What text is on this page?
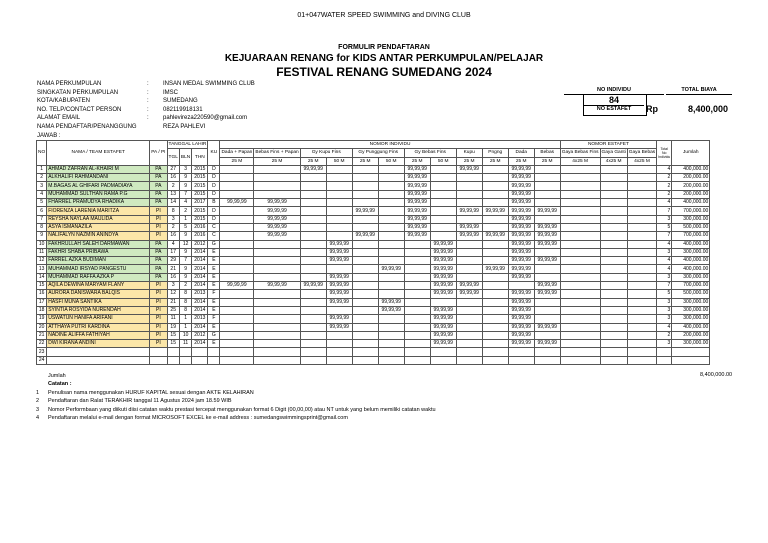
01+047WATER SPEED SWIMMING and DIVING CLUB
FORMULIR PENDAFTARAN
KEJUARAAN RENANG for KIDS ANTAR PERKUMPULAN/PELAJAR
FESTIVAL RENANG SUMEDANG 2024
NAMA PERKUMPULAN	:	INSAN MEDAL SWIMMING CLUB
SINGKATAN PERKUMPULAN	:	IMSC
KOTA/KABUPATEN	:	SUMEDANG
NO. TELP/CONTACT PERSON	:	082119918131
ALAMAT EMAIL	:	pahlevireza220590@gmail.com
NAMA PENDAFTAR/PENANGGUNG JAWAB :
REZA PAHLEVI
NO INDIVIDU	TOTAL BIAYA
84
NO ESTAFET	Rp	8,400,000
NO	NAMA / TEAM ESTAFET	PA / PI	TANGGAL LAHIR			KU	NOMOR INDIVIDU												NOMOR ESTAFET			Total No Individu	Jumlah
							Dada + Papan	Bebas Fins + Papan	Gy Kupu Fins		Gy Punggung Fins		Gy Bebas Fins		Kupu	Pngng	Dada	Bebas	Gaya Bebas Fins	Gaya Ganti	Gaya Bebas		
			TGL	BLN	THN																		
							25 M	25 M	25 M	50 M	25 M	50 M	25 M	50 M	25 M	25 M	25 M	25 M	4x25 M	4x25 M	4x25 M		
1	AHMAD ZAFRAN AL-KHAIRI M	PA	27	3	2015	D			99,99,99				99,99,99		99,99,99		99,99,99					4	400,000.00
2	ALKHALIFI RAHMANDANI	PA	16	9	2015	D							99,99,99				99,99,99					2	200,000.00
3	M.BAGAS AL GHIFARI PADMADIAYA	PA	2	9	2015	D							99,99,99				99,99,99					2	200,000.00
4	MUHAMMAD SULTHAN RAMA P.G	PA	13	7	2015	D							99,99,99				99,99,99					2	200,000.00
5	FHARREL PRAMUDYA RHADIKA	PA	14	4	2017	B	99,99,99	99,99,99					99,99,99				99,99,99					4	400,000.00
6	FIORENZA LARENIA MARITZA	PI	8	2	2015	D		99,99,99			99,99,99		99,99,99		99,99,99	99,99,99	99,99,99	99,99,99				7	700,000.00
7	REYSHA NAYLAA MAULIDA	PI	3	1	2015	D		99,99,99					99,99,99				99,99,99					3	300,000.00
8	ASYA ISMANAZILA	PI	2	5	2016	C		99,99,99					99,99,99		99,99,99		99,99,99	99,99,99				5	500,000.00
9	NALIFALYN NAZMIN ANINDYA	PI	16	9	2016	C		99,99,99			99,99,99		99,99,99		99,99,99	99,99,99	99,99,99	99,99,99				7	700,000.00
10	FAKHRULLAH SALEH DARMAWAN	PA	4	12	2012	G				99,99,99				99,99,99			99,99,99	99,99,99				4	400,000.00
11	FAKHRI SHABA PRIBAWA	PA	17	9	2014	E				99,99,99				99,99,99			99,99,99					3	300,000.00
12	FARREL AZKA BUDIMAN	PA	29	7	2014	E				99,99,99				99,99,99			99,99,99	99,99,99				4	400,000.00
13	MUHAMMAD IRSYAD PANGESTU	PA	21	9	2014	E						99,99,99		99,99,99		99,99,99	99,99,99					4	400,000.00
14	MUHAMMAD RAFFA AZKA P	PA	16	9	2014	E				99,99,99				99,99,99			99,99,99					3	300,000.00
15	AQILA DEWINA MARYAM FLANY	PI	3	2	2014	E	99,99,99	99,99,99	99,99,99	99,99,99				99,99,99	99,99,99			99,99,99				7	700,000.00
16	AURORA DANISWARA BALQIS	PI	12	8	2013	F				99,99,99				99,99,99	99,99,99		99,99,99	99,99,99				5	500,000.00
17	HASFI MUNA SANTIKA	PI	21	8	2014	E				99,99,99		99,99,99					99,99,99					3	300,000.00
18	SYINTIA ROSYIDA NURENDAH	PI	25	8	2014	E						99,99,99		99,99,99			99,99,99					3	300,000.00
19	USWATUN HANIFA ARIFANI	PI	11	1	2013	F				99,99,99				99,99,99			99,99,99					3	300,000.00
20	ATTHAYA PUTRI KARDINA	PI	19	1	2014	E				99,99,99				99,99,99			99,99,99	99,99,99				4	400,000.00
21	NADINE ALIFFA FATHIYAH	PI	15	10	2012	G								99,99,99			99,99,99					2	200,000.00
22	DWI KIRANA ANDINI	PI	15	11	2014	E								99,99,99			99,99,99	99,99,99				3	300,000.00
23																							
24																							
Jumlah
Catatan :
1	Penulisan nama menggunakan HURUF KAPITAL sesuai dengan AKTE KELAHIRAN
2	Pendaftaran dan Ralat TERAKHIR tanggal 11 Agustus 2024 jam 18.59 WIB
3	Nomor Performbaan yang diikuti diisi catatan waktu prestasi tercepat menggunakan format 6 Digit (00,00,00) atau NT untuk yang belum memiliki catatan waktu
4	Pendaftaran melalui e-mail dengan format MICROSOFT EXCEL ke e-mail address : sumedangswimmingsprint@gmail.com
8,400,000.00
